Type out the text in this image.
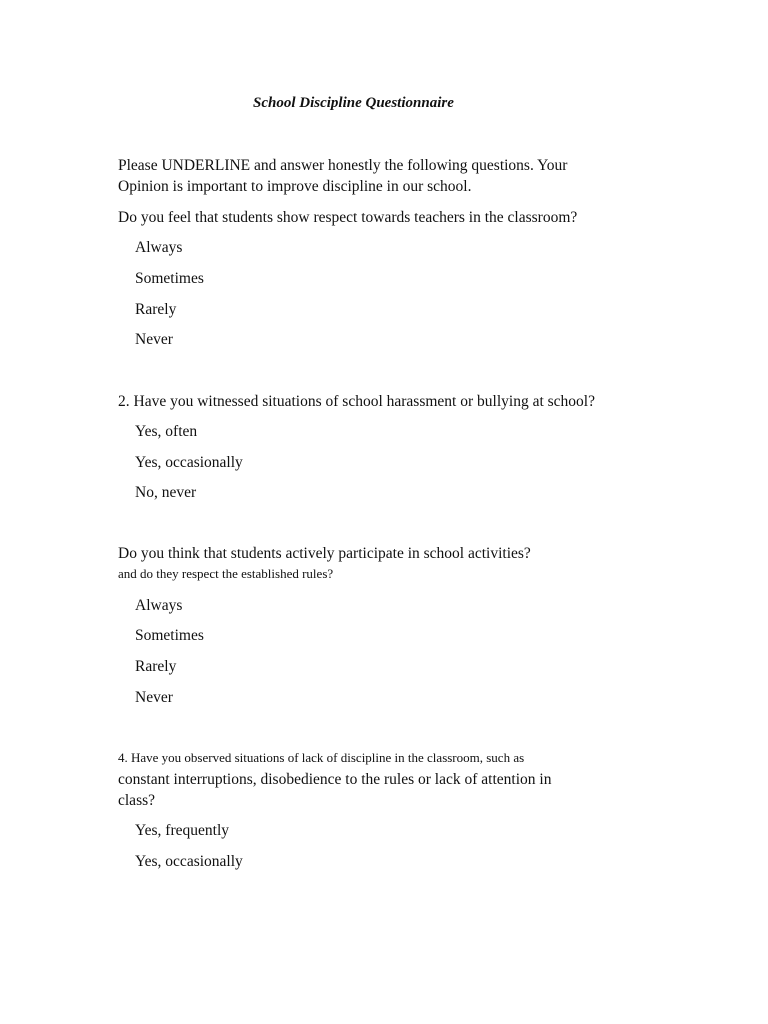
School Discipline Questionnaire
Please UNDERLINE and answer honestly the following questions. Your
Opinion is important to improve discipline in our school.
Do you feel that students show respect towards teachers in the classroom?
Always
Sometimes
Rarely
Never
2. Have you witnessed situations of school harassment or bullying at school?
Yes, often
Yes, occasionally
No, never
Do you think that students actively participate in school activities?
and do they respect the established rules?
Always
Sometimes
Rarely
Never
4. Have you observed situations of lack of discipline in the classroom, such as
constant interruptions, disobedience to the rules or lack of attention in
class?
Yes, frequently
Yes, occasionally
